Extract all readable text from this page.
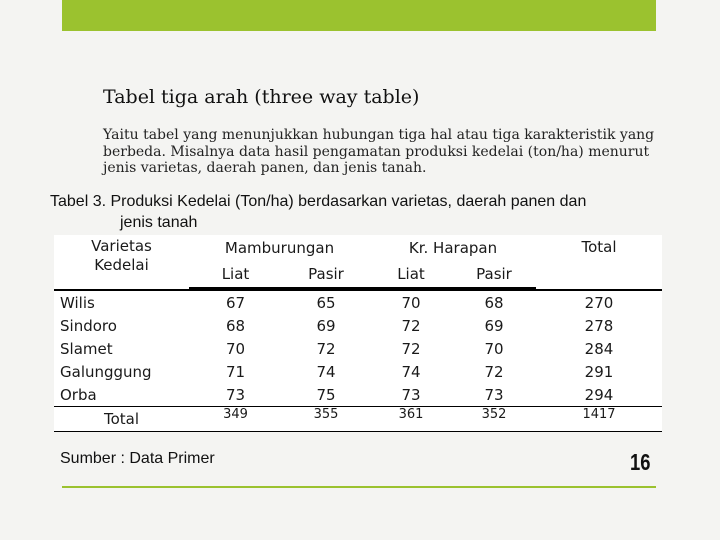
Tabel tiga arah (three way table)
Yaitu tabel yang menunjukkan hubungan tiga hal atau tiga karakteristik yang berbeda. Misalnya data hasil pengamatan produksi kedelai (ton/ha) menurut jenis varietas, daerah panen, dan jenis tanah.
Tabel 3. Produksi Kedelai (Ton/ha) berdasarkan varietas, daerah panen dan
jenis tanah
Varietas
Kedelai	Mamburungan		Kr. Harapan		Total
	Liat	Pasir	Liat	Pasir	

Wilis	67	65	70	68	270
Sindoro	68	69	72	69	278
Slamet	70	72	72	70	284
Galunggung	71	74	74	72	291
Orba	73	75	73	73	294
Total	349	355	361	352	1417
Sumber : Data Primer	16
